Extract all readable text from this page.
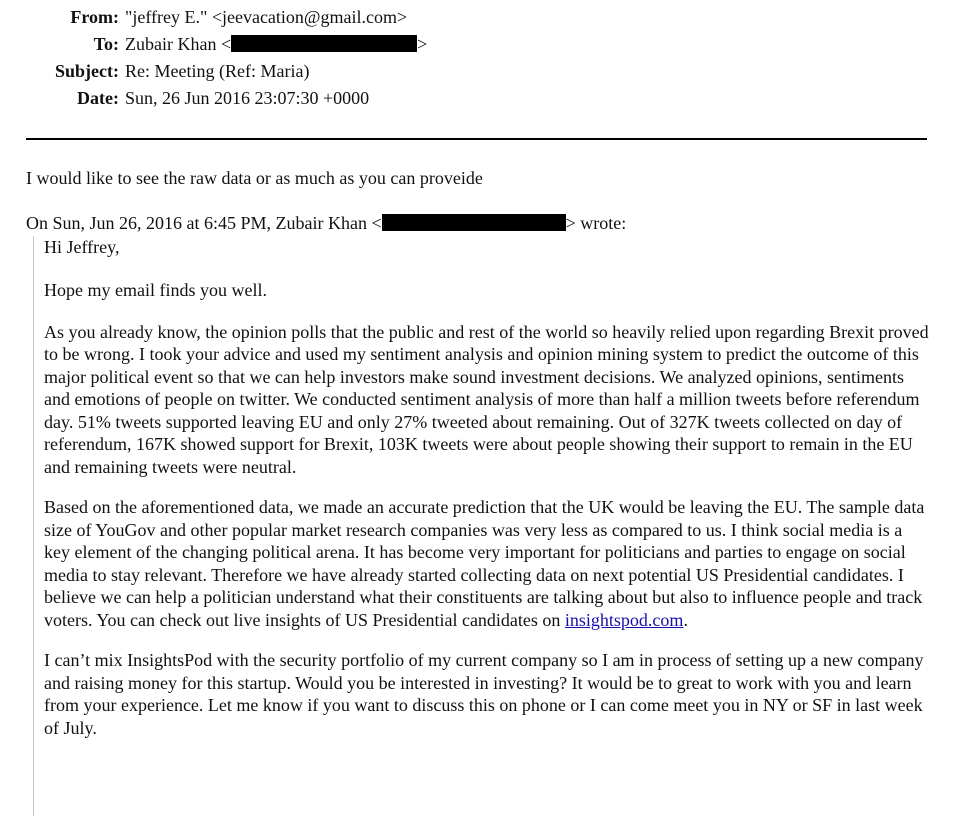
From: "jeffrey E." <jeevacation@gmail.com>
To: Zubair Khan <	>
Subject: Re: Meeting (Ref: Maria)
Date: Sun, 26 Jun 2016 23:07:30 +0000
I would like to see the raw data or as much as you can proveide
On Sun, Jun 26, 2016 at 6:45 PM, Zubair Khan <	> wrote:

Hi Jeffrey,

Hope my email finds you well.

As you already know, the opinion polls that the public and rest of the world so heavily relied upon regarding Brexit proved to be wrong. I took your advice and used my sentiment analysis and opinion mining system to predict the outcome of this major political event so that we can help investors make sound investment decisions. We analyzed opinions, sentiments and emotions of people on twitter. We conducted sentiment analysis of more than half a million tweets before referendum day. 51% tweets supported leaving EU and only 27% tweeted about remaining. Out of 327K tweets collected on day of referendum, 167K showed support for Brexit, 103K tweets were about people showing their support to remain in the EU and remaining tweets were neutral.

Based on the aforementioned data, we made an accurate prediction that the UK would be leaving the EU. The sample data size of YouGov and other popular market research companies was very less as compared to us. I think social media is a key element of the changing political arena. It has become very important for politicians and parties to engage on social media to stay relevant. Therefore we have already started collecting data on next potential US Presidential candidates. I believe we can help a politician understand what their constituents are talking about but also to influence people and track voters. You can check out live insights of US Presidential candidates on insightspod.com.

I can’t mix InsightsPod with the security portfolio of my current company so I am in process of setting up a new company and raising money for this startup. Would you be interested in investing? It would be to great to work with you and learn from your experience. Let me know if you want to discuss this on phone or I can come meet you in NY or SF in last week of July.
